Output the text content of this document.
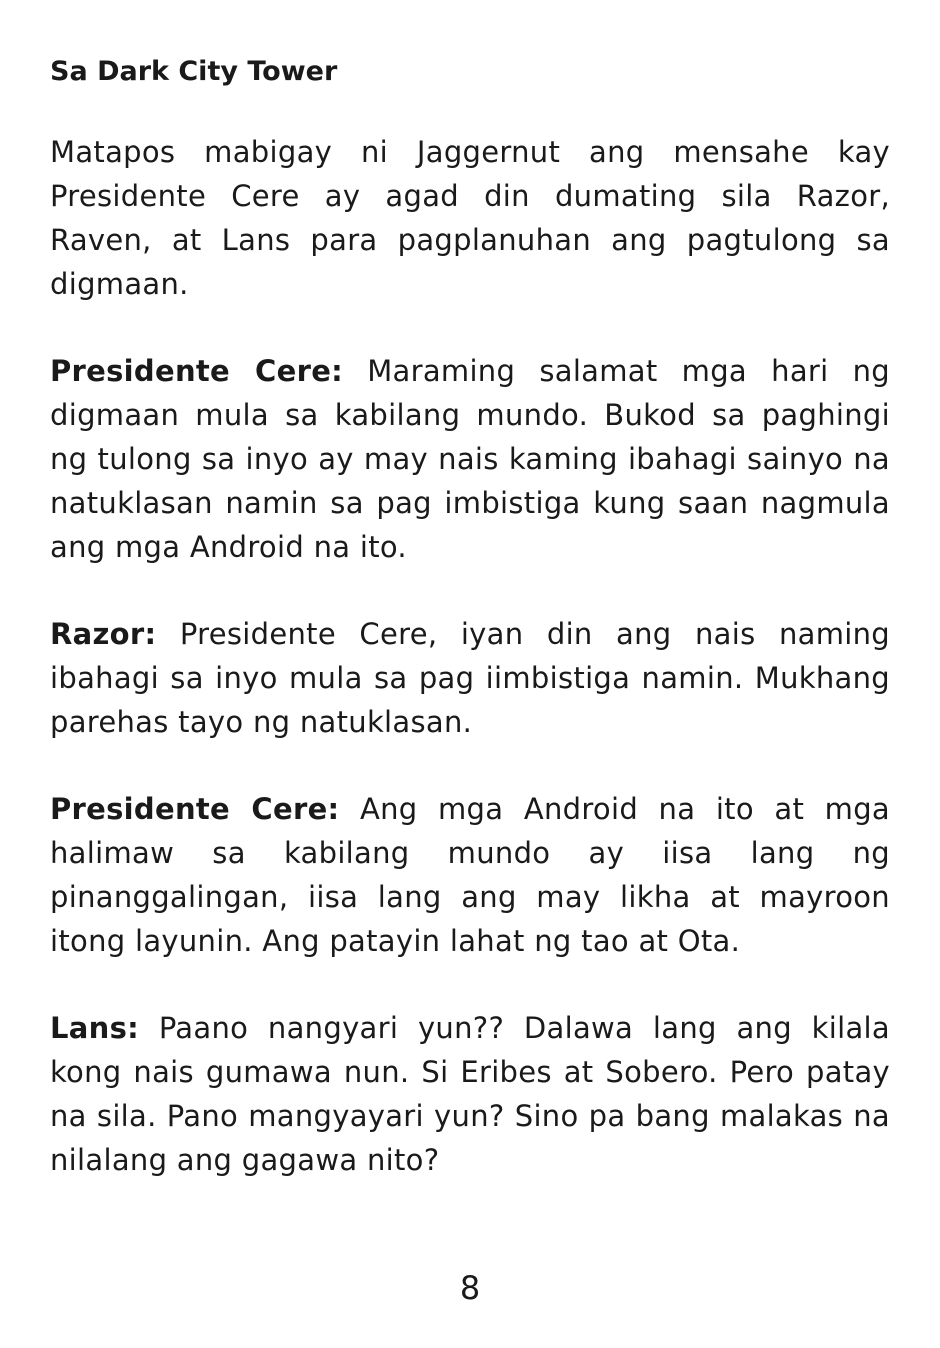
Sa Dark City Tower

Matapos mabigay ni Jaggernut ang mensahe kay Presidente Cere ay agad din dumating sila Razor, Raven, at Lans para pagplanuhan ang pagtulong sa digmaan.

Presidente Cere: Maraming salamat mga hari ng digmaan mula sa kabilang mundo. Bukod sa paghingi ng tulong sa inyo ay may nais kaming ibahagi sainyo na natuklasan namin sa pag imbistiga kung saan nagmula ang mga Android na ito.

Razor: Presidente Cere, iyan din ang nais naming ibahagi sa inyo mula sa pag iimbistiga namin. Mukhang parehas tayo ng natuklasan.

Presidente Cere: Ang mga Android na ito at mga halimaw sa kabilang mundo ay iisa lang ng pinanggalingan, iisa lang ang may likha at mayroon itong layunin. Ang patayin lahat ng tao at Ota.

Lans: Paano nangyari yun?? Dalawa lang ang kilala kong nais gumawa nun. Si Eribes at Sobero. Pero patay na sila. Pano mangyayari yun? Sino pa bang malakas na nilalang ang gagawa nito?

8
